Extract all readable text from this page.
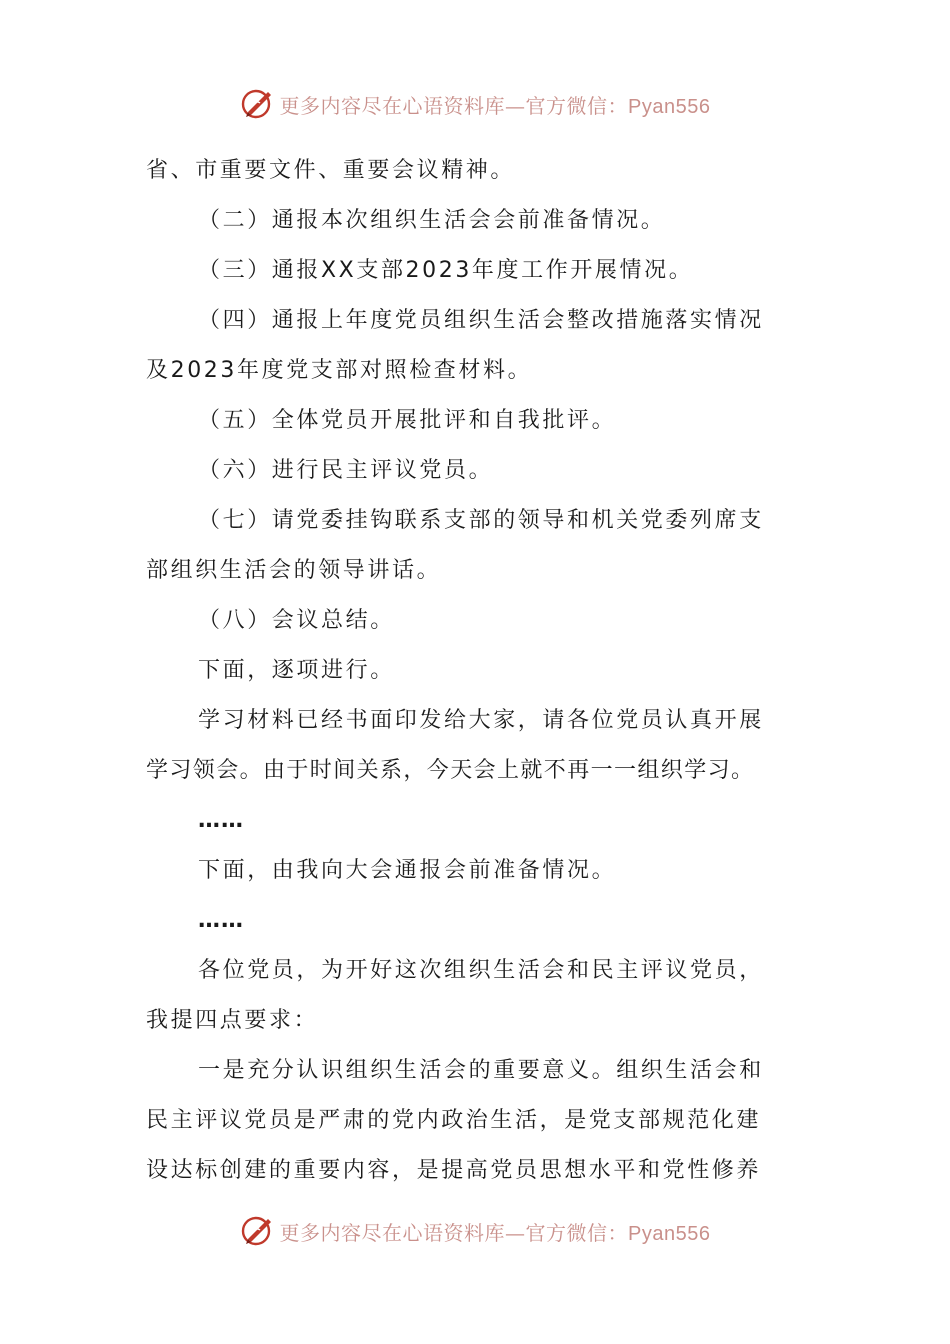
更多内容尽在心语资料库—官方微信：Pyan556
省、市重要文件、重要会议精神。
（二）通报本次组织生活会会前准备情况。
（三）通报XX支部2023年度工作开展情况。
（四）通报上年度党员组织生活会整改措施落实情况
及2023年度党支部对照检查材料。
（五）全体党员开展批评和自我批评。
（六）进行民主评议党员。
（七）请党委挂钩联系支部的领导和机关党委列席支
部组织生活会的领导讲话。
（八）会议总结。
下面，逐项进行。
学习材料已经书面印发给大家，请各位党员认真开展
学习领会。由于时间关系，今天会上就不再一一组织学习。
……
下面，由我向大会通报会前准备情况。
……
各位党员，为开好这次组织生活会和民主评议党员，
我提四点要求：
一是充分认识组织生活会的重要意义。组织生活会和
民主评议党员是严肃的党内政治生活，是党支部规范化建
设达标创建的重要内容，是提高党员思想水平和党性修养
更多内容尽在心语资料库—官方微信：Pyan556
